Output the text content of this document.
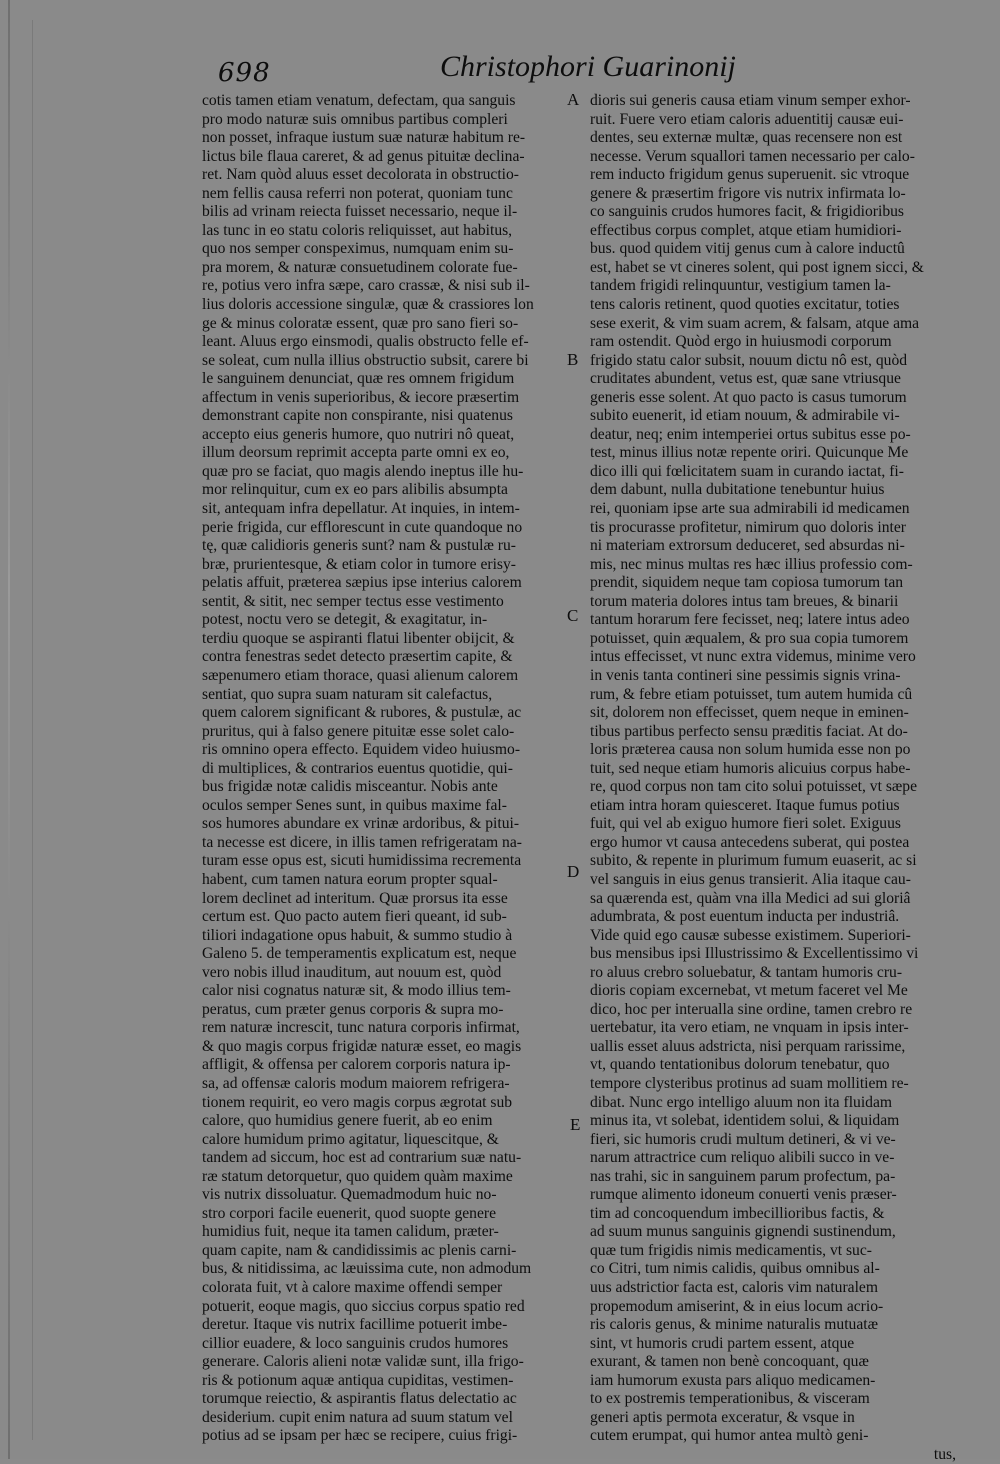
698	Christophori Guarinonij
cotis tamen etiam venatum, defectam, qua sanguis
pro modo naturæ suis omnibus partibus compleri
non posset, infraque iustum suæ naturæ habitum re-
lictus bile flaua careret, & ad genus pituitæ declina-
ret. Nam quòd aluus esset decolorata in obstructio-
nem fellis causa referri non poterat, quoniam tunc
bilis ad vrinam reiecta fuisset necessario, neque il-
las tunc in eo statu coloris reliquisset, aut habitus,
quo nos semper conspeximus, numquam enim su-
pra morem, & naturæ consuetudinem colorate fue-
re, potius vero infra sæpe, caro crassæ, & nisi sub il-
lius doloris accessione singulæ, quæ & crassiores lon
ge & minus coloratæ essent, quæ pro sano fieri so-
leant. Aluus ergo einsmodi, qualis obstructo felle ef-
se soleat, cum nulla illius obstructio subsit, carere bi
le sanguinem denunciat, quæ res omnem frigidum
affectum in venis superioribus, & iecore præsertim
demonstrant capite non conspirante, nisi quatenus
accepto eius generis humore, quo nutriri nô queat,
illum deorsum reprimit accepta parte omni ex eo,
quæ pro se faciat, quo magis alendo ineptus ille hu-
mor relinquitur, cum ex eo pars alibilis absumpta
sit, antequam infra depellatur. At inquies, in intem-
perie frigida, cur efflorescunt in cute quandoque no
tę, quæ calidioris generis sunt? nam & pustulæ ru-
bræ, prurientesque, & etiam color in tumore erisy-
pelatis affuit, præterea sæpius ipse interius calorem
sentit, & sitit, nec semper tectus esse vestimento
potest, noctu vero se detegit, & exagitatur, in-
terdiu quoque se aspiranti flatui libenter obijcit, &
contra fenestras sedet detecto præsertim capite, &
sæpenumero etiam thorace, quasi alienum calorem
sentiat, quo supra suam naturam sit calefactus,
quem calorem significant & rubores, & pustulæ, ac
pruritus, qui à falso genere pituitæ esse solet calo-
ris omnino opera effecto. Equidem video huiusmo-
di multiplices, & contrarios euentus quotidie, qui-
bus frigidæ notæ calidis misceantur. Nobis ante
oculos semper Senes sunt, in quibus maxime fal-
sos humores abundare ex vrinæ ardoribus, & pitui-
ta necesse est dicere, in illis tamen refrigeratam na-
turam esse opus est, sicuti humidissima recrementa
habent, cum tamen natura eorum propter squal-
lorem declinet ad interitum. Quæ prorsus ita esse
certum est. Quo pacto autem fieri queant, id sub-
tiliori indagatione opus habuit, & summo studio à
Galeno 5. de temperamentis explicatum est, neque
vero nobis illud inauditum, aut nouum est, quòd
calor nisi cognatus naturæ sit, & modo illius tem-
peratus, cum præter genus corporis & supra mo-
rem naturæ increscit, tunc natura corporis infirmat,
& quo magis corpus frigidæ naturæ esset, eo magis
affligit, & offensa per calorem corporis natura ip-
sa, ad offensæ caloris modum maiorem refrigera-
tionem requirit, eo vero magis corpus ægrotat sub
calore, quo humidius genere fuerit, ab eo enim
calore humidum primo agitatur, liquescitque, &
tandem ad siccum, hoc est ad contrarium suæ natu-
ræ statum detorquetur, quo quidem quàm maxime
vis nutrix dissoluatur. Quemadmodum huic no-
stro corpori facile euenerit, quod suopte genere
humidius fuit, neque ita tamen calidum, præter-
quam capite, nam & candidissimis ac plenis carni-
bus, & nitidissima, ac læuissima cute, non admodum
colorata fuit, vt à calore maxime offendi semper
potuerit, eoque magis, quo siccius corpus spatio red
deretur. Itaque vis nutrix facillime potuerit imbe-
cillior euadere, & loco sanguinis crudos humores
generare. Caloris alieni notæ validæ sunt, illa frigo-
ris & potionum aquæ antiqua cupiditas, vestimen-
torumque reiectio, & aspirantis flatus delectatio ac
desiderium. cupit enim natura ad suum statum vel
potius ad se ipsam per hæc se recipere, cuius frigi-
A
B
C
D
E
dioris sui generis causa etiam vinum semper exhor-
ruit. Fuere vero etiam caloris aduentitij causæ eui-
dentes, seu externæ multæ, quas recensere non est
necesse. Verum squallori tamen necessario per calo-
rem inducto frigidum genus superuenit. sic vtroque
genere & præsertim frigore vis nutrix infirmata lo-
co sanguinis crudos humores facit, & frigidioribus
effectibus corpus complet, atque etiam humidiori-
bus. quod quidem vitij genus cum à calore inductû
est, habet se vt cineres solent, qui post ignem sicci, &
tandem frigidi relinquuntur, vestigium tamen la-
tens caloris retinent, quod quoties excitatur, toties
sese exerit, & vim suam acrem, & falsam, atque ama
ram ostendit. Quòd ergo in huiusmodi corporum
frigido statu calor subsit, nouum dictu nô est, quòd
cruditates abundent, vetus est, quæ sane vtriusque
generis esse solent. At quo pacto is casus tumorum
subito euenerit, id etiam nouum, & admirabile vi-
deatur, neq; enim intemperiei ortus subitus esse po-
test, minus illius notæ repente oriri. Quicunque Me
dico illi qui fœlicitatem suam in curando iactat, fi-
dem dabunt, nulla dubitatione tenebuntur huius
rei, quoniam ipse arte sua admirabili id medicamen
tis procurasse profitetur, nimirum quo doloris inter
ni materiam extrorsum deduceret, sed absurdas ni-
mis, nec minus multas res hæc illius professio com-
prendit, siquidem neque tam copiosa tumorum tan
torum materia dolores intus tam breues, & binarii
tantum horarum fere fecisset, neq; latere intus adeo
potuisset, quin æqualem, & pro sua copia tumorem
intus effecisset, vt nunc extra videmus, minime vero
in venis tanta contineri sine pessimis signis vrina-
rum, & febre etiam potuisset, tum autem humida cû
sit, dolorem non effecisset, quem neque in eminen-
tibus partibus perfecto sensu præditis faciat. At do-
loris præterea causa non solum humida esse non po
tuit, sed neque etiam humoris alicuius corpus habe-
re, quod corpus non tam cito solui potuisset, vt sæpe
etiam intra horam quiesceret. Itaque fumus potius
fuit, qui vel ab exiguo humore fieri solet. Exiguus
ergo humor vt causa antecedens suberat, qui postea
subito, & repente in plurimum fumum euaserit, ac si
vel sanguis in eius genus transierit. Alia itaque cau-
sa quærenda est, quàm vna illa Medici ad sui gloriâ
adumbrata, & post euentum inducta per industriâ.
Vide quid ego causæ subesse existimem. Superiori-
bus mensibus ipsi Illustrissimo & Excellentissimo vi
ro aluus crebro soluebatur, & tantam humoris cru-
dioris copiam excernebat, vt metum faceret vel Me
dico, hoc per interualla sine ordine, tamen crebro re
uertebatur, ita vero etiam, ne vnquam in ipsis inter-
uallis esset aluus adstricta, nisi perquam rarissime,
vt, quando tentationibus dolorum tenebatur, quo
tempore clysteribus protinus ad suam mollitiem re-
dibat. Nunc ergo intelligo aluum non ita fluidam
minus ita, vt solebat, identidem solui, & liquidam
fieri, sic humoris crudi multum detineri, & vi ve-
narum attractrice cum reliquo alibili succo in ve-
nas trahi, sic in sanguinem parum profectum, pa-
rumque alimento idoneum conuerti venis præser-
tim ad concoquendum imbecillioribus factis, &
ad suum munus sanguinis gignendi sustinendum,
quæ tum frigidis nimis medicamentis, vt suc-
co Citri, tum nimis calidis, quibus omnibus al-
uus adstrictior facta est, caloris vim naturalem
propemodum amiserint, & in eius locum acrio-
ris caloris genus, & minime naturalis mutuatæ
sint, vt humoris crudi partem essent, atque
exurant, & tamen non benè concoquant, quæ
iam humorum exusta pars aliquo medicamen-
to ex postremis temperationibus, & visceram
generi aptis permota exceratur, & vsque in
cutem erumpat, qui humor antea multò geni-
tus,
